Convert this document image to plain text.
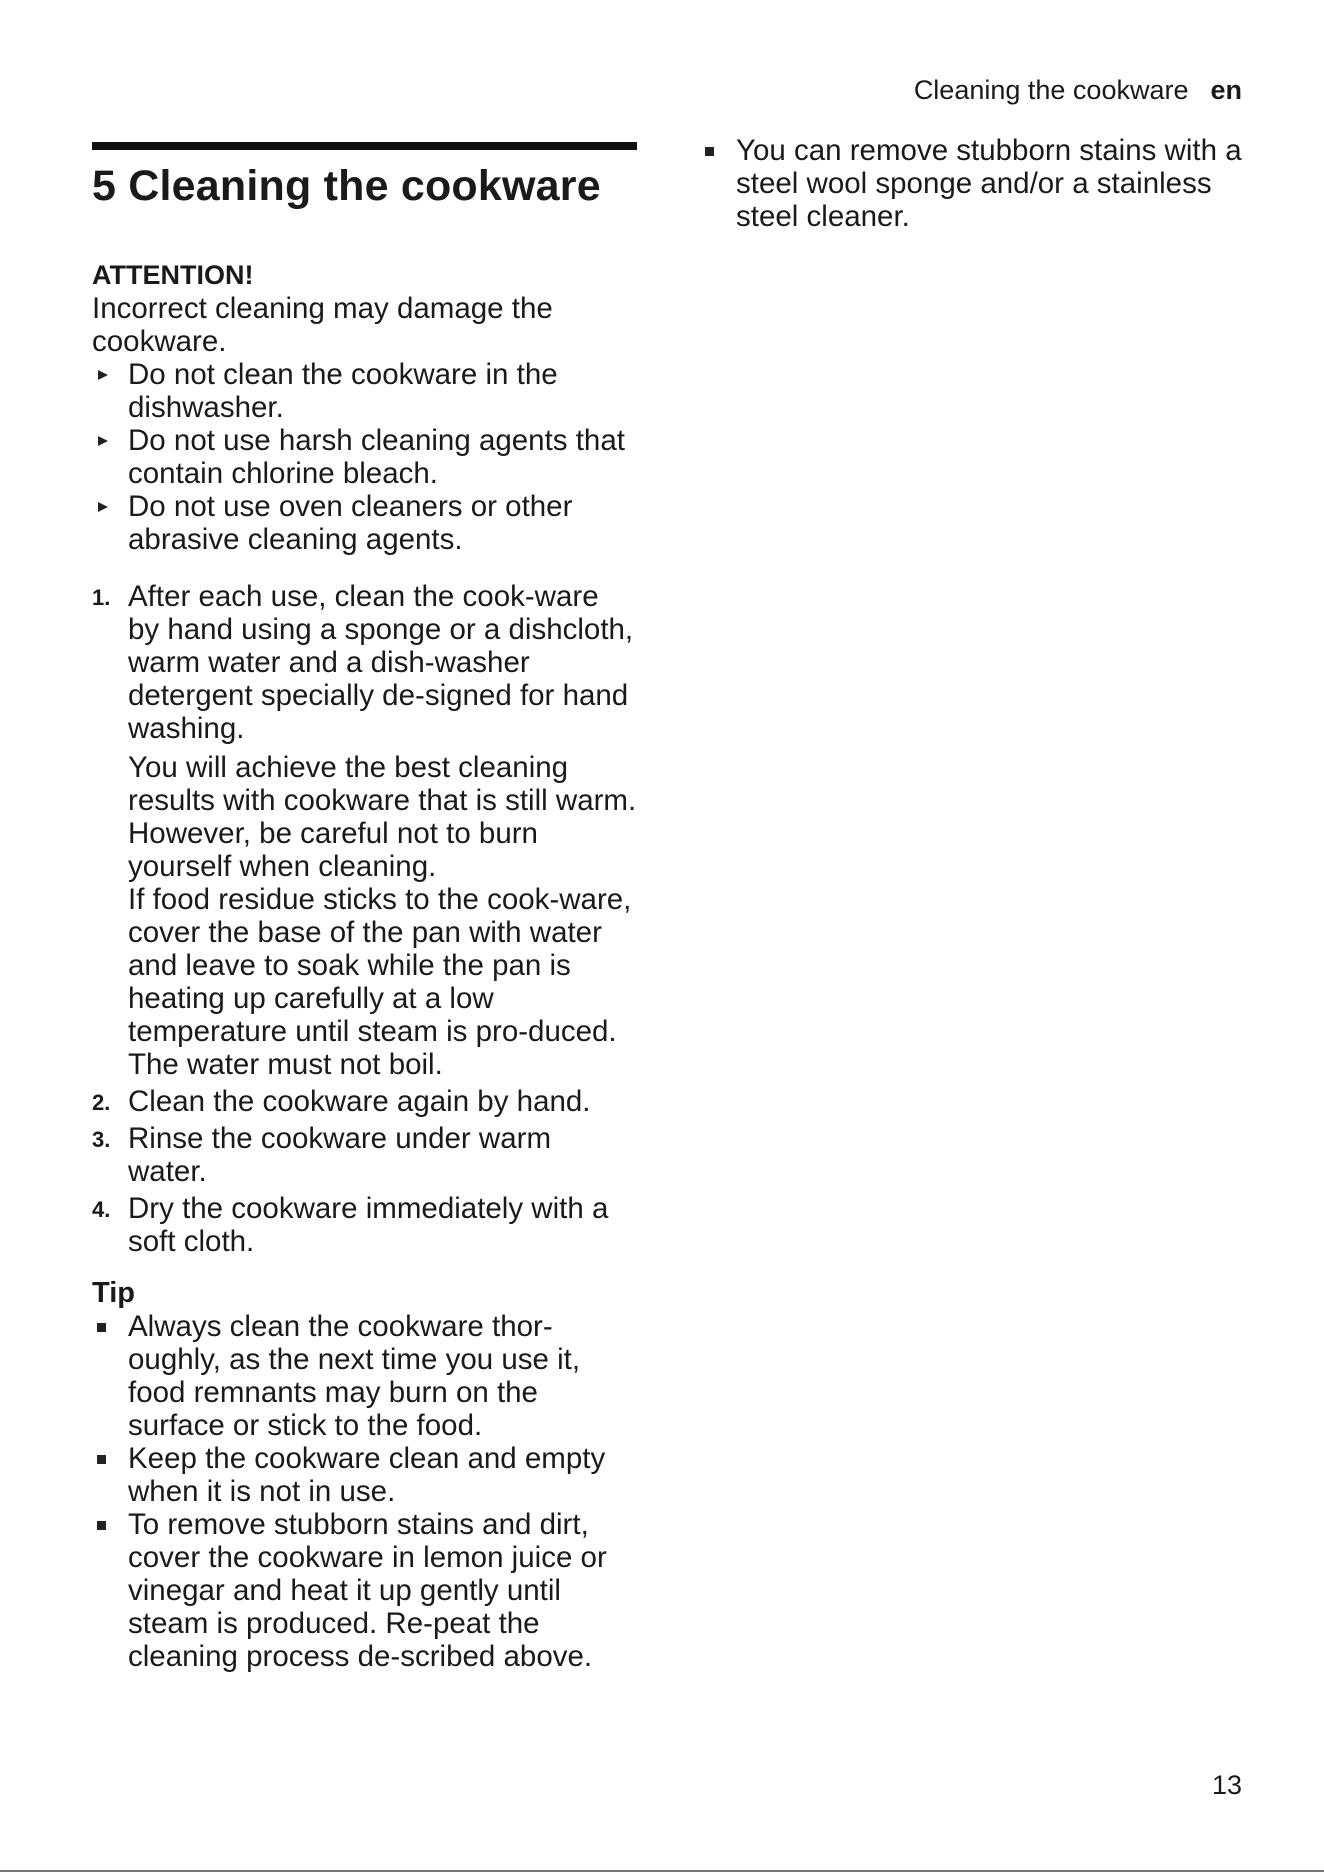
Cleaning the cookware en
5 Cleaning the cookware
ATTENTION!
Incorrect cleaning may damage the cookware.
Do not clean the cookware in the dishwasher.
Do not use harsh cleaning agents that contain chlorine bleach.
Do not use oven cleaners or other abrasive cleaning agents.
1. After each use, clean the cook-ware by hand using a sponge or a dishcloth, warm water and a dish-washer detergent specially de-signed for hand washing.
You will achieve the best cleaning results with cookware that is still warm. However, be careful not to burn yourself when cleaning.
If food residue sticks to the cook-ware, cover the base of the pan with water and leave to soak while the pan is heating up carefully at a low temperature until steam is pro-duced. The water must not boil.
2. Clean the cookware again by hand.
3. Rinse the cookware under warm water.
4. Dry the cookware immediately with a soft cloth.
Tip
Always clean the cookware thor-oughly, as the next time you use it, food remnants may burn on the surface or stick to the food.
Keep the cookware clean and empty when it is not in use.
To remove stubborn stains and dirt, cover the cookware in lemon juice or vinegar and heat it up gently until steam is produced. Re-peat the cleaning process de-scribed above.
You can remove stubborn stains with a steel wool sponge and/or a stainless steel cleaner.
13
